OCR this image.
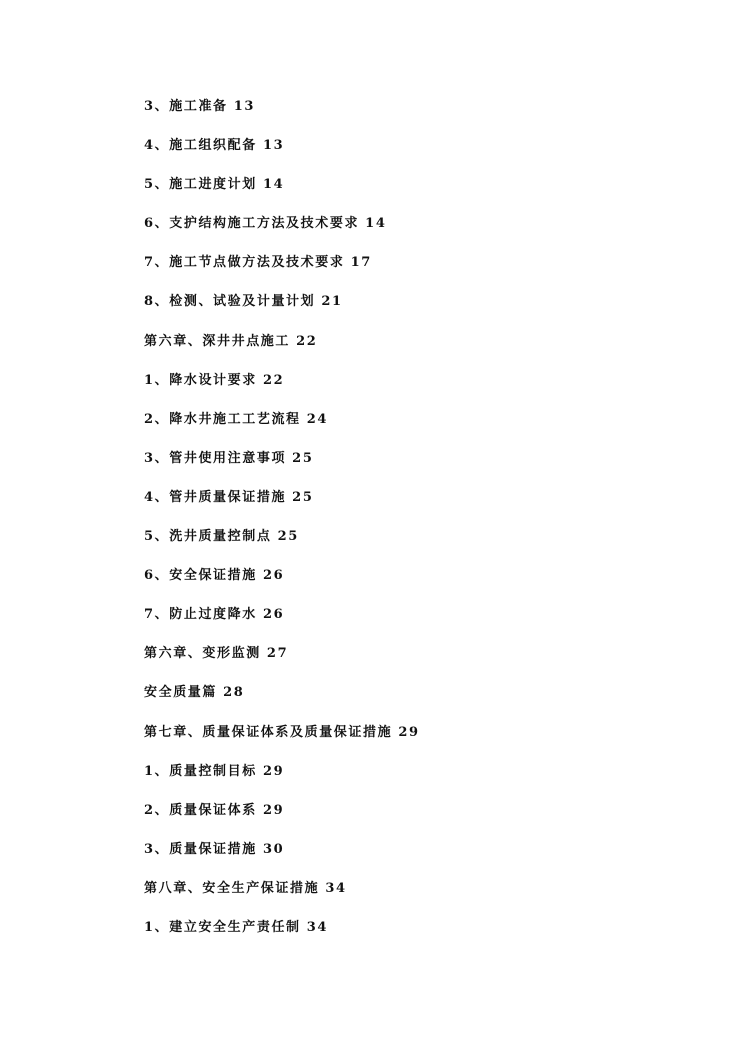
3、施工准备 13
4、施工组织配备 13
5、施工进度计划 14
6、支护结构施工方法及技术要求 14
7、施工节点做方法及技术要求 17
8、检测、试验及计量计划 21
第六章、深井井点施工 22
1、降水设计要求 22
2、降水井施工工艺流程 24
3、管井使用注意事项 25
4、管井质量保证措施 25
5、洗井质量控制点 25
6、安全保证措施 26
7、防止过度降水 26
第六章、变形监测 27
安全质量篇 28
第七章、质量保证体系及质量保证措施 29
1、质量控制目标 29
2、质量保证体系 29
3、质量保证措施 30
第八章、安全生产保证措施 34
1、建立安全生产责任制 34
